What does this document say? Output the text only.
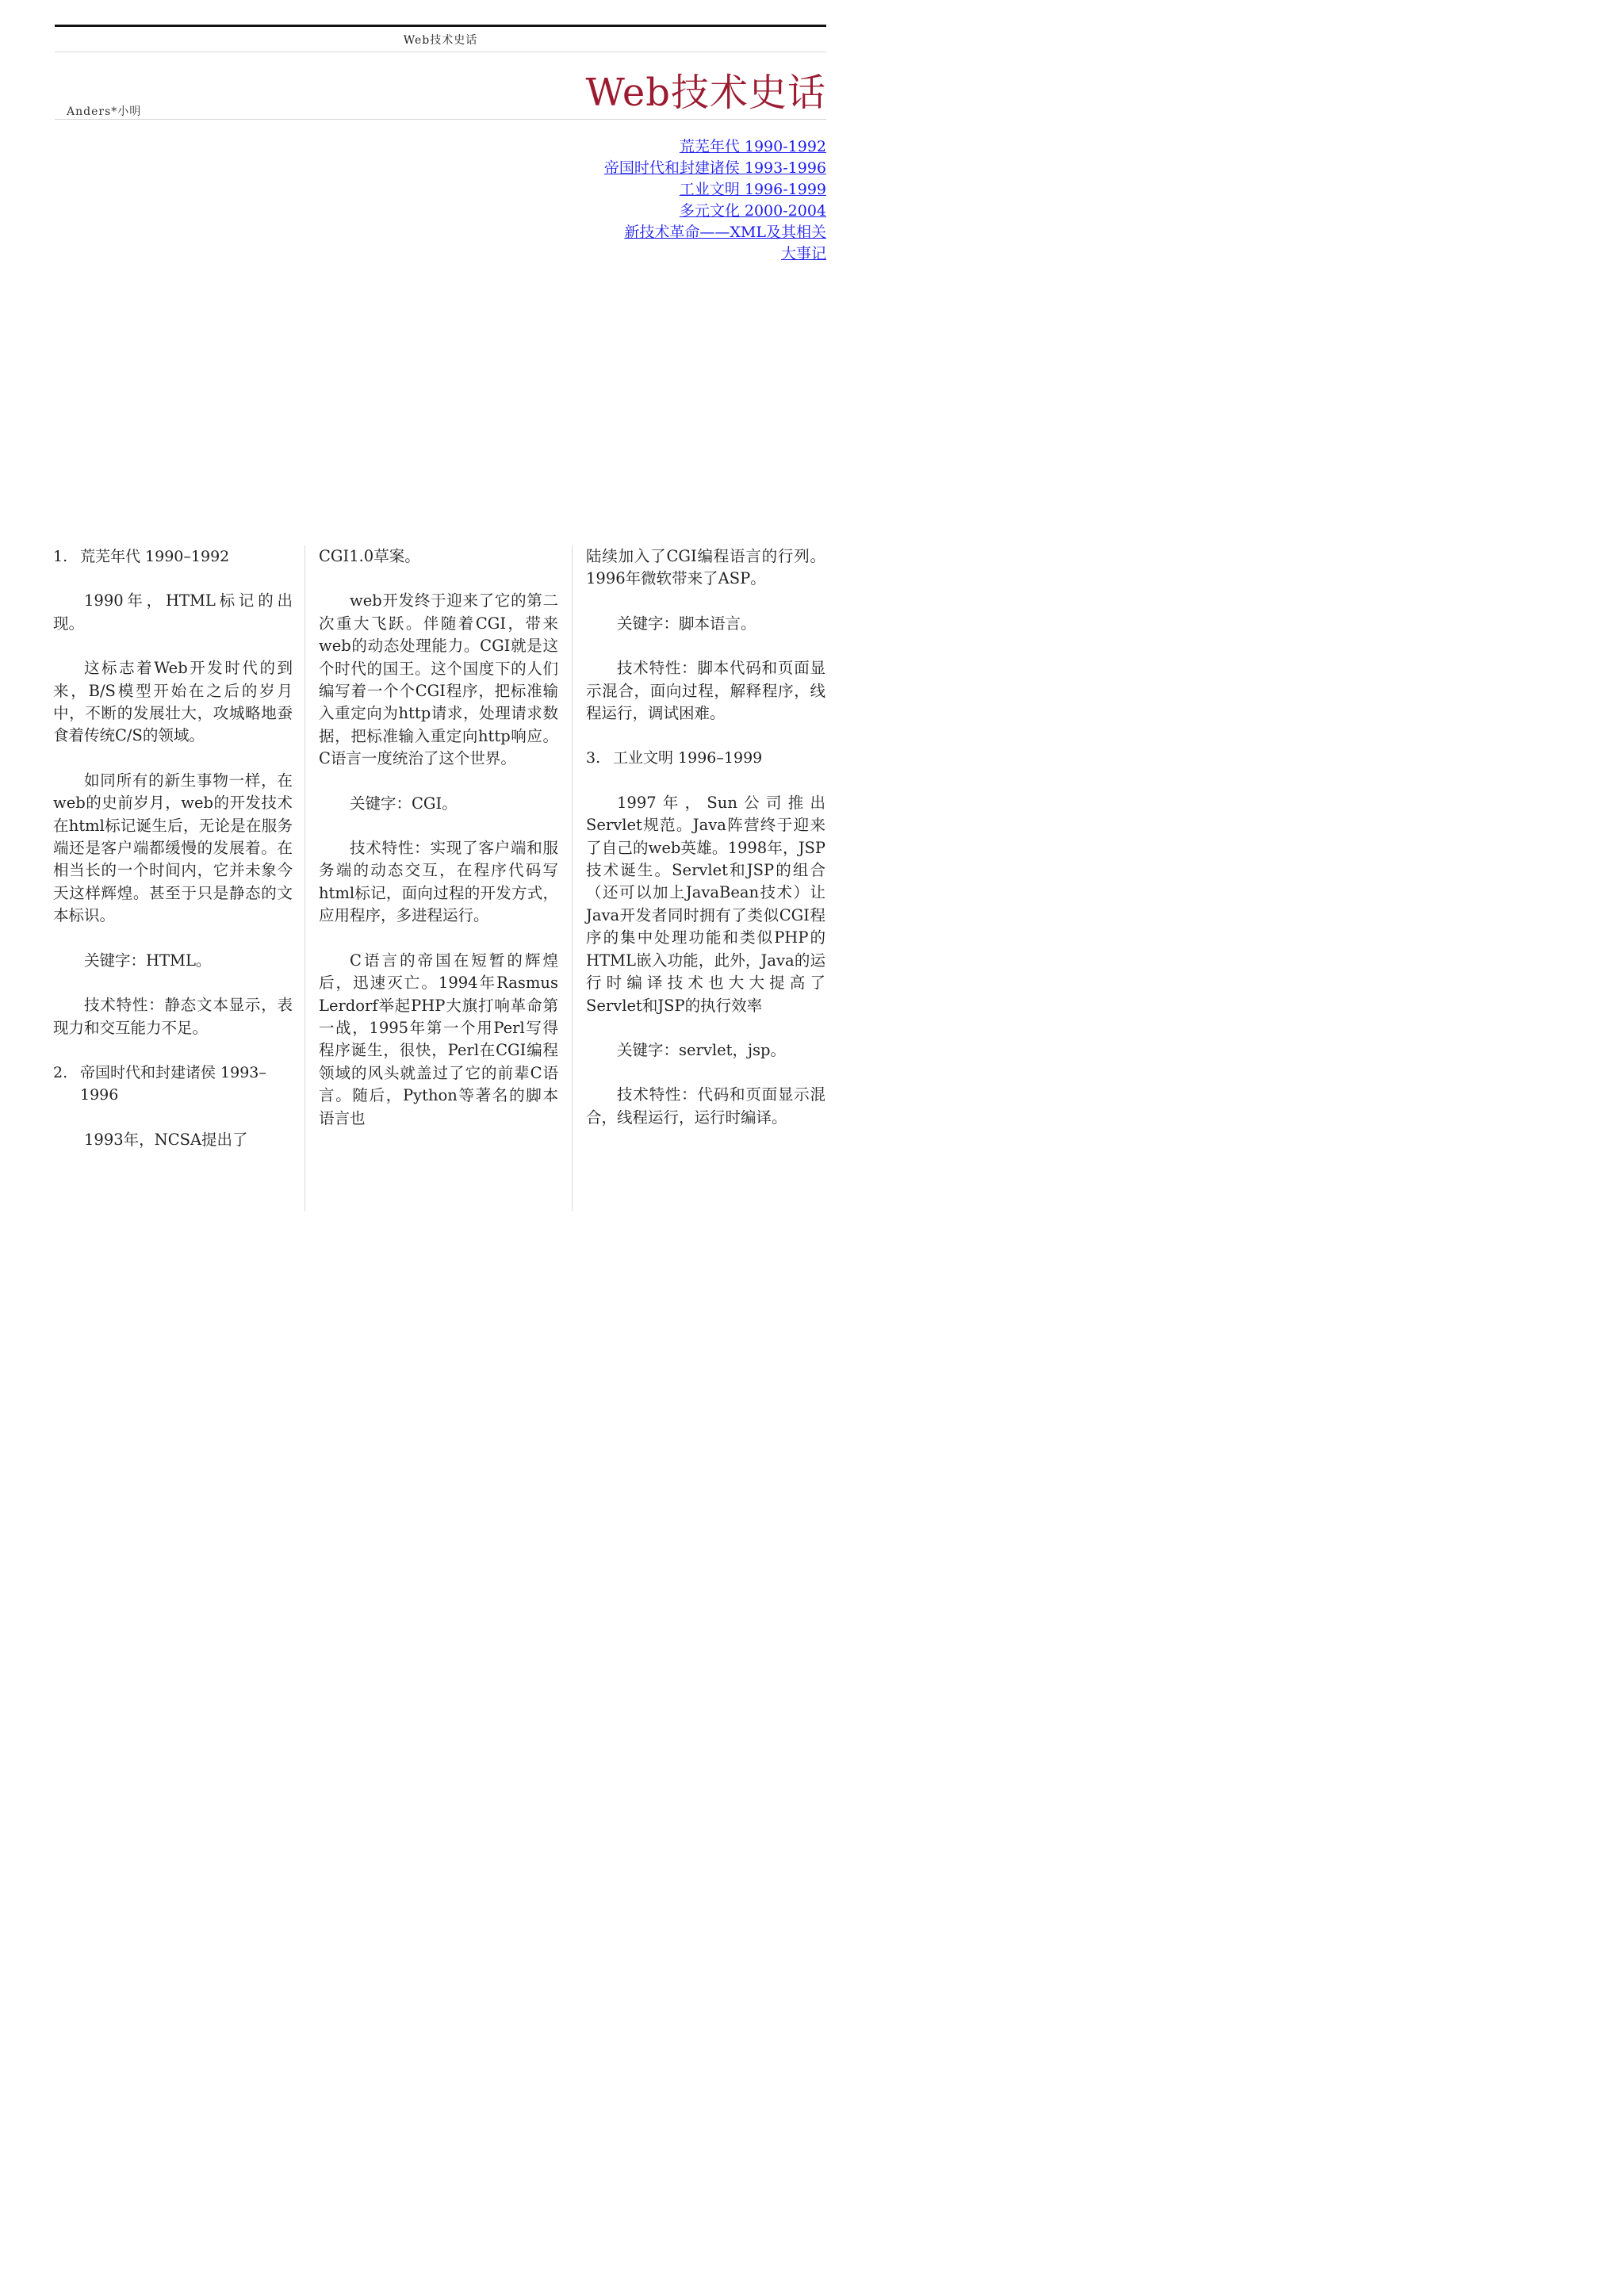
Web技术史话
Web技术史话
Anders*小明
荒芜年代 1990-1992
帝国时代和封建诸侯 1993-1996
工业文明 1996-1999
多元文化 2000-2004
新技术革命——XML及其相关
大事记
1. 荒芜年代 1990–1992

1990年，HTML标记的出现。

这标志着Web开发时代的到来，B/S模型开始在之后的岁月中，不断的发展壮大，攻城略地蚕食着传统C/S的领域。

如同所有的新生事物一样，在web的史前岁月，web的开发技术在html标记诞生后，无论是在服务端还是客户端都缓慢的发展着。在相当长的一个时间内，它并未象今天这样辉煌。甚至于只是静态的文本标识。

关键字：HTML。

技术特性：静态文本显示，表现力和交互能力不足。

2. 帝国时代和封建诸侯 1993–1996

1993年，NCSA提出了

CGI1.0草案。

web开发终于迎来了它的第二次重大飞跃。伴随着CGI，带来web的动态处理能力。CGI就是这个时代的国王。这个国度下的人们编写着一个个CGI程序，把标准输入重定向为http请求，处理请求数据，把标准输入重定向http响应。C语言一度统治了这个世界。

关键字：CGI。

技术特性：实现了客户端和服务端的动态交互，在程序代码写html标记，面向过程的开发方式，应用程序，多进程运行。

C语言的帝国在短暂的辉煌后，迅速灭亡。1994年Rasmus Lerdorf举起PHP大旗打响革命第一战，1995年第一个用Perl写得程序诞生，很快，Perl在CGI编程领域的风头就盖过了它的前辈C语言。随后，Python等著名的脚本语言也

陆续加入了CGI编程语言的行列。1996年微软带来了ASP。

关键字：脚本语言。

技术特性：脚本代码和页面显示混合，面向过程，解释程序，线程运行，调试困难。

3. 工业文明 1996–1999

1997年，Sun公司推出Servlet规范。Java阵营终于迎来了自己的web英雄。1998年，JSP技术诞生。Servlet和JSP的组合（还可以加上JavaBean技术）让Java开发者同时拥有了类似CGI程序的集中处理功能和类似PHP的HTML嵌入功能，此外，Java的运行时编译技术也大大提高了Servlet和JSP的执行效率

关键字：servlet，jsp。

技术特性：代码和页面显示混合，线程运行，运行时编译。
